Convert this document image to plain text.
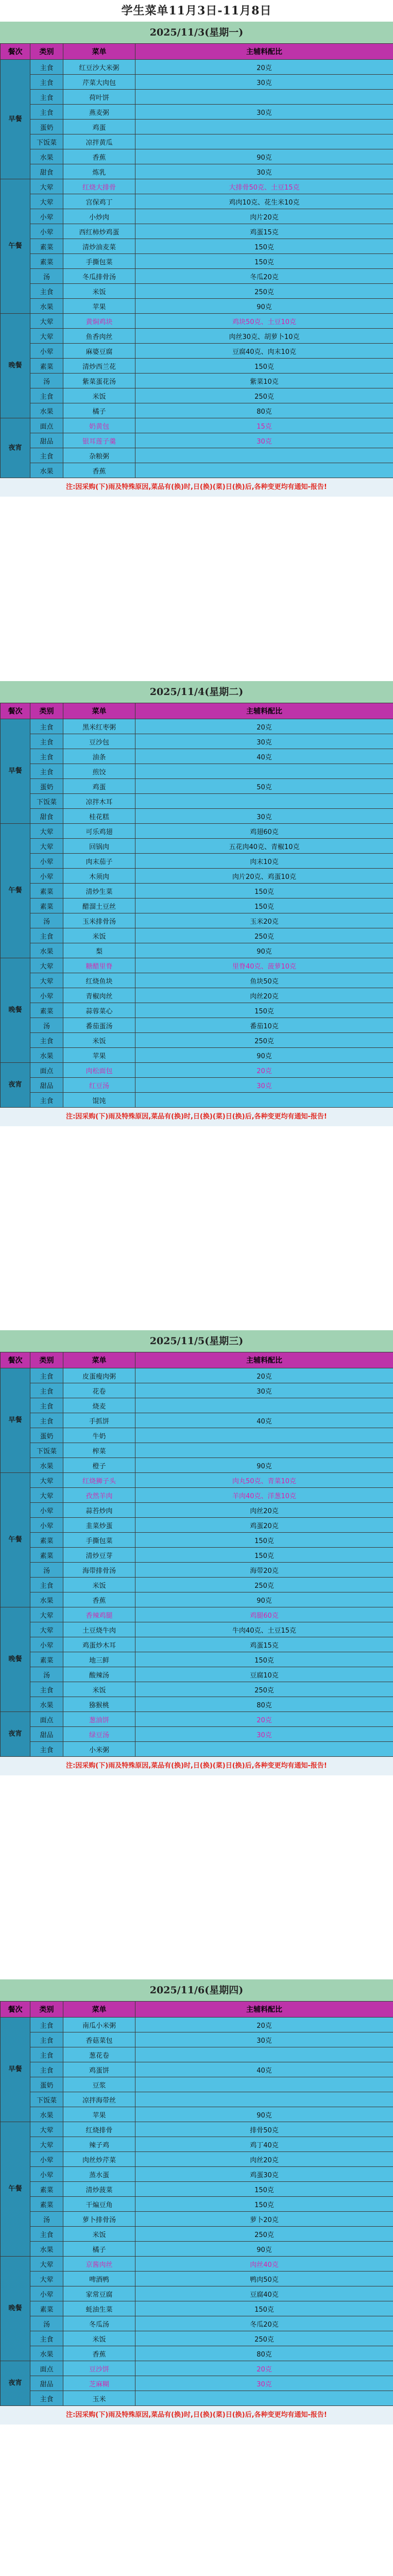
学生菜单11月3日-11月8日
2025/11/3(星期一)
餐次	类别	菜单	主辅料配比
早餐	主食	红豆沙大米粥	20克
	主食	芹菜大肉包	30克
	主食	荷叶饼	
	主食	燕麦粥	30克
	蛋奶	鸡蛋	
	下饭菜	凉拌黄瓜	
	水果	香蕉	90克
	甜食	炼乳	30克
午餐	大荤	红烧大排骨	大排骨50克、土豆15克
	大荤	宫保鸡丁	鸡肉10克、花生米10克
	小荤	小炒肉	肉片20克
	小荤	西红柿炒鸡蛋	鸡蛋15克
	素菜	清炒油麦菜	150克
	素菜	手撕包菜	150克
	汤	冬瓜排骨汤	冬瓜20克
	主食	米饭	250克
	水果	苹果	90克
晚餐	大荤	黄焖鸡块	鸡块50克、土豆10克
	大荤	鱼香肉丝	肉丝30克、胡萝卜10克
	小荤	麻婆豆腐	豆腐40克、肉末10克
	素菜	清炒西兰花	150克
	汤	紫菜蛋花汤	紫菜10克
	主食	米饭	250克
	水果	橘子	80克
夜宵	面点	奶黄包	15克
	甜品	银耳莲子羹	30克
	主食	杂粮粥	
	水果	香蕉	
注:因采购(下)雨及特殊原因,菜品有(换)时,日(换)(菜)日(换)后,各种变更均有通知-报告!
2025/11/4(星期二)
餐次	类别	菜单	主辅料配比
早餐	主食	黑米红枣粥	20克
	主食	豆沙包	30克
	主食	油条	40克
	主食	煎饺	
	蛋奶	鸡蛋	50克
	下饭菜	凉拌木耳	
	甜食	桂花糕	30克
午餐	大荤	可乐鸡翅	鸡翅60克
	大荤	回锅肉	五花肉40克、青椒10克
	小荤	肉末茄子	肉末10克
	小荤	木须肉	肉片20克、鸡蛋10克
	素菜	清炒生菜	150克
	素菜	醋溜土豆丝	150克
	汤	玉米排骨汤	玉米20克
	主食	米饭	250克
	水果	梨	90克
晚餐	大荤	糖醋里脊	里脊40克、菠萝10克
	大荤	红烧鱼块	鱼块50克
	小荤	青椒肉丝	肉丝20克
	素菜	蒜蓉菜心	150克
	汤	番茄蛋汤	番茄10克
	主食	米饭	250克
	水果	苹果	90克
夜宵	面点	肉松面包	20克
	甜品	红豆汤	30克
	主食	馄饨	
注:因采购(下)雨及特殊原因,菜品有(换)时,日(换)(菜)日(换)后,各种变更均有通知-报告!
2025/11/5(星期三)
餐次	类别	菜单	主辅料配比
早餐	主食	皮蛋瘦肉粥	20克
	主食	花卷	30克
	主食	烧麦	
	主食	手抓饼	40克
	蛋奶	牛奶	
	下饭菜	榨菜	
	水果	橙子	90克
午餐	大荤	红烧狮子头	肉丸50克、青菜10克
	大荤	孜然羊肉	羊肉40克、洋葱10克
	小荤	蒜苔炒肉	肉丝20克
	小荤	韭菜炒蛋	鸡蛋20克
	素菜	手撕包菜	150克
	素菜	清炒豆芽	150克
	汤	海带排骨汤	海带20克
	主食	米饭	250克
	水果	香蕉	90克
晚餐	大荤	香辣鸡腿	鸡腿60克
	大荤	土豆烧牛肉	牛肉40克、土豆15克
	小荤	鸡蛋炒木耳	鸡蛋15克
	素菜	地三鲜	150克
	汤	酸辣汤	豆腐10克
	主食	米饭	250克
	水果	猕猴桃	80克
夜宵	面点	葱油饼	20克
	甜品	绿豆汤	30克
	主食	小米粥	
注:因采购(下)雨及特殊原因,菜品有(换)时,日(换)(菜)日(换)后,各种变更均有通知-报告!
2025/11/6(星期四)
餐次	类别	菜单	主辅料配比
早餐	主食	南瓜小米粥	20克
	主食	香菇菜包	30克
	主食	葱花卷	
	主食	鸡蛋饼	40克
	蛋奶	豆浆	
	下饭菜	凉拌海带丝	
	水果	苹果	90克
午餐	大荤	红烧排骨	排骨50克
	大荤	辣子鸡	鸡丁40克
	小荤	肉丝炒芹菜	肉丝20克
	小荤	蒸水蛋	鸡蛋30克
	素菜	清炒菠菜	150克
	素菜	干煸豆角	150克
	汤	萝卜排骨汤	萝卜20克
	主食	米饭	250克
	水果	橘子	90克
晚餐	大荤	京酱肉丝	肉丝40克
	大荤	啤酒鸭	鸭肉50克
	小荤	家常豆腐	豆腐40克
	素菜	蚝油生菜	150克
	汤	冬瓜汤	冬瓜20克
	主食	米饭	250克
	水果	香蕉	80克
夜宵	面点	豆沙饼	20克
	甜品	芝麻糊	30克
	主食	玉米	
注:因采购(下)雨及特殊原因,菜品有(换)时,日(换)(菜)日(换)后,各种变更均有通知-报告!
